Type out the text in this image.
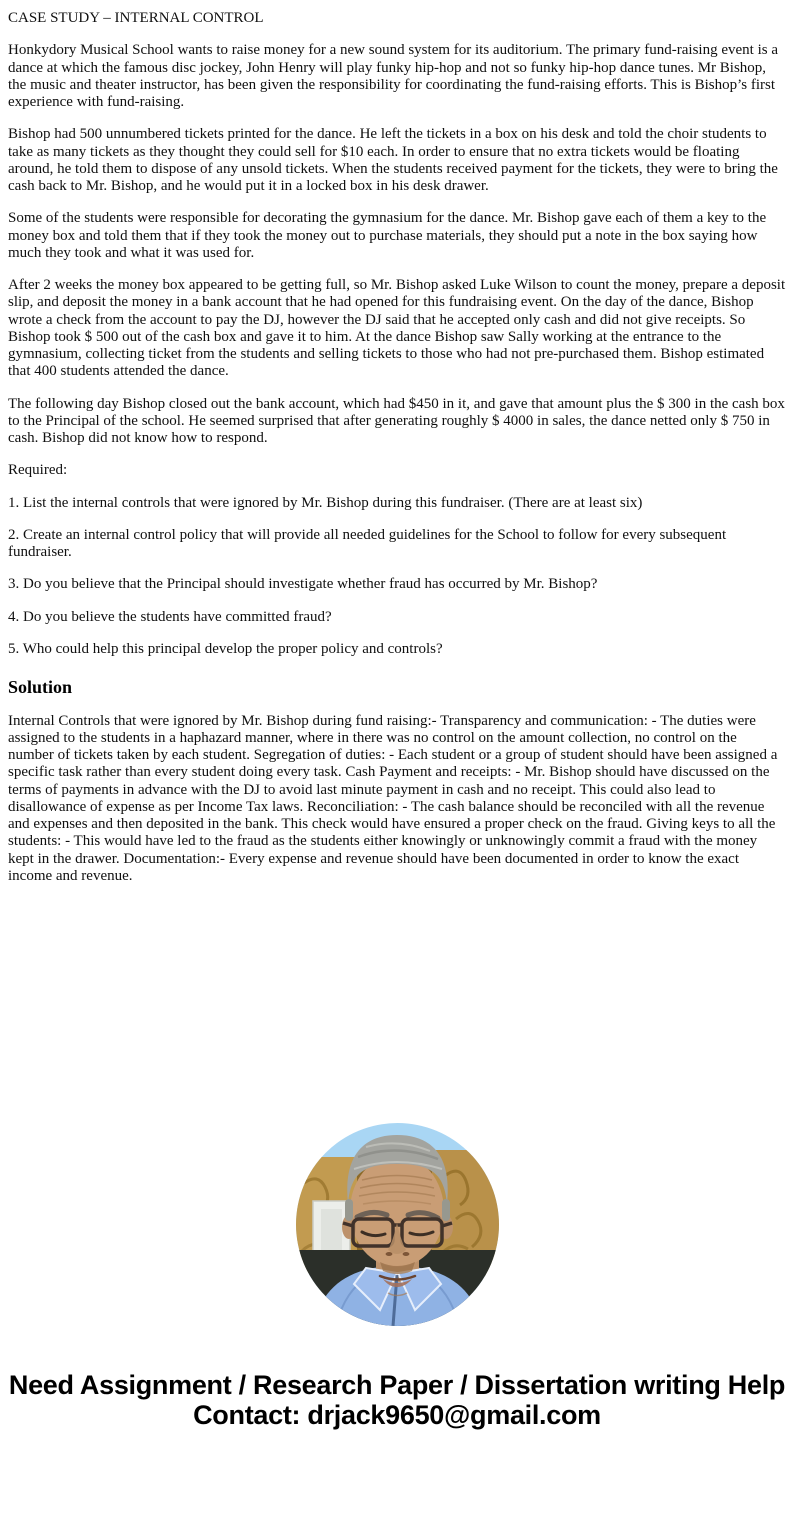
CASE STUDY – INTERNAL CONTROL

Honkydory Musical School wants to raise money for a new sound system for its auditorium. The primary fund-raising event is a dance at which the famous disc jockey, John Henry will play funky hip-hop and not so funky hip-hop dance tunes. Mr Bishop, the music and theater instructor, has been given the responsibility for coordinating the fund-raising efforts. This is Bishop’s first experience with fund-raising.

Bishop had 500 unnumbered tickets printed for the dance. He left the tickets in a box on his desk and told the choir students to take as many tickets as they thought they could sell for $10 each. In order to ensure that no extra tickets would be floating around, he told them to dispose of any unsold tickets. When the students received payment for the tickets, they were to bring the cash back to Mr. Bishop, and he would put it in a locked box in his desk drawer.

Some of the students were responsible for decorating the gymnasium for the dance. Mr. Bishop gave each of them a key to the money box and told them that if they took the money out to purchase materials, they should put a note in the box saying how much they took and what it was used for.

After 2 weeks the money box appeared to be getting full, so Mr. Bishop asked Luke Wilson to count the money, prepare a deposit slip, and deposit the money in a bank account that he had opened for this fundraising event. On the day of the dance, Bishop wrote a check from the account to pay the DJ, however the DJ said that he accepted only cash and did not give receipts. So Bishop took $ 500 out of the cash box and gave it to him. At the dance Bishop saw Sally working at the entrance to the gymnasium, collecting ticket from the students and selling tickets to those who had not pre-purchased them. Bishop estimated that 400 students attended the dance.

The following day Bishop closed out the bank account, which had $450 in it, and gave that amount plus the $ 300 in the cash box to the Principal of the school. He seemed surprised that after generating roughly $ 4000 in sales, the dance netted only $ 750 in cash. Bishop did not know how to respond.

Required:

1. List the internal controls that were ignored by Mr. Bishop during this fundraiser. (There are at least six)

2. Create an internal control policy that will provide all needed guidelines for the School to follow for every subsequent fundraiser.

3. Do you believe that the Principal should investigate whether fraud has occurred by Mr. Bishop?

4. Do you believe the students have committed fraud?

5. Who could help this principal develop the proper policy and controls?

Solution

Internal Controls that were ignored by Mr. Bishop during fund raising:- Transparency and communication: - The duties were assigned to the students in a haphazard manner, where in there was no control on the amount collection, no control on the number of tickets taken by each student. Segregation of duties: - Each student or a group of student should have been assigned a specific task rather than every student doing every task. Cash Payment and receipts: - Mr. Bishop should have discussed on the terms of payments in advance with the DJ to avoid last minute payment in cash and no receipt. This could also lead to disallowance of expense as per Income Tax laws. Reconciliation: - The cash balance should be reconciled with all the revenue and expenses and then deposited in the bank. This check would have ensured a proper check on the fraud. Giving keys to all the students: - This would have led to the fraud as the students either knowingly or unknowingly commit a fraud with the money kept in the drawer. Documentation:- Every expense and revenue should have been documented in order to know the exact income and revenue.

Need Assignment / Research Paper / Dissertation writing Help
Contact: drjack9650@gmail.com
